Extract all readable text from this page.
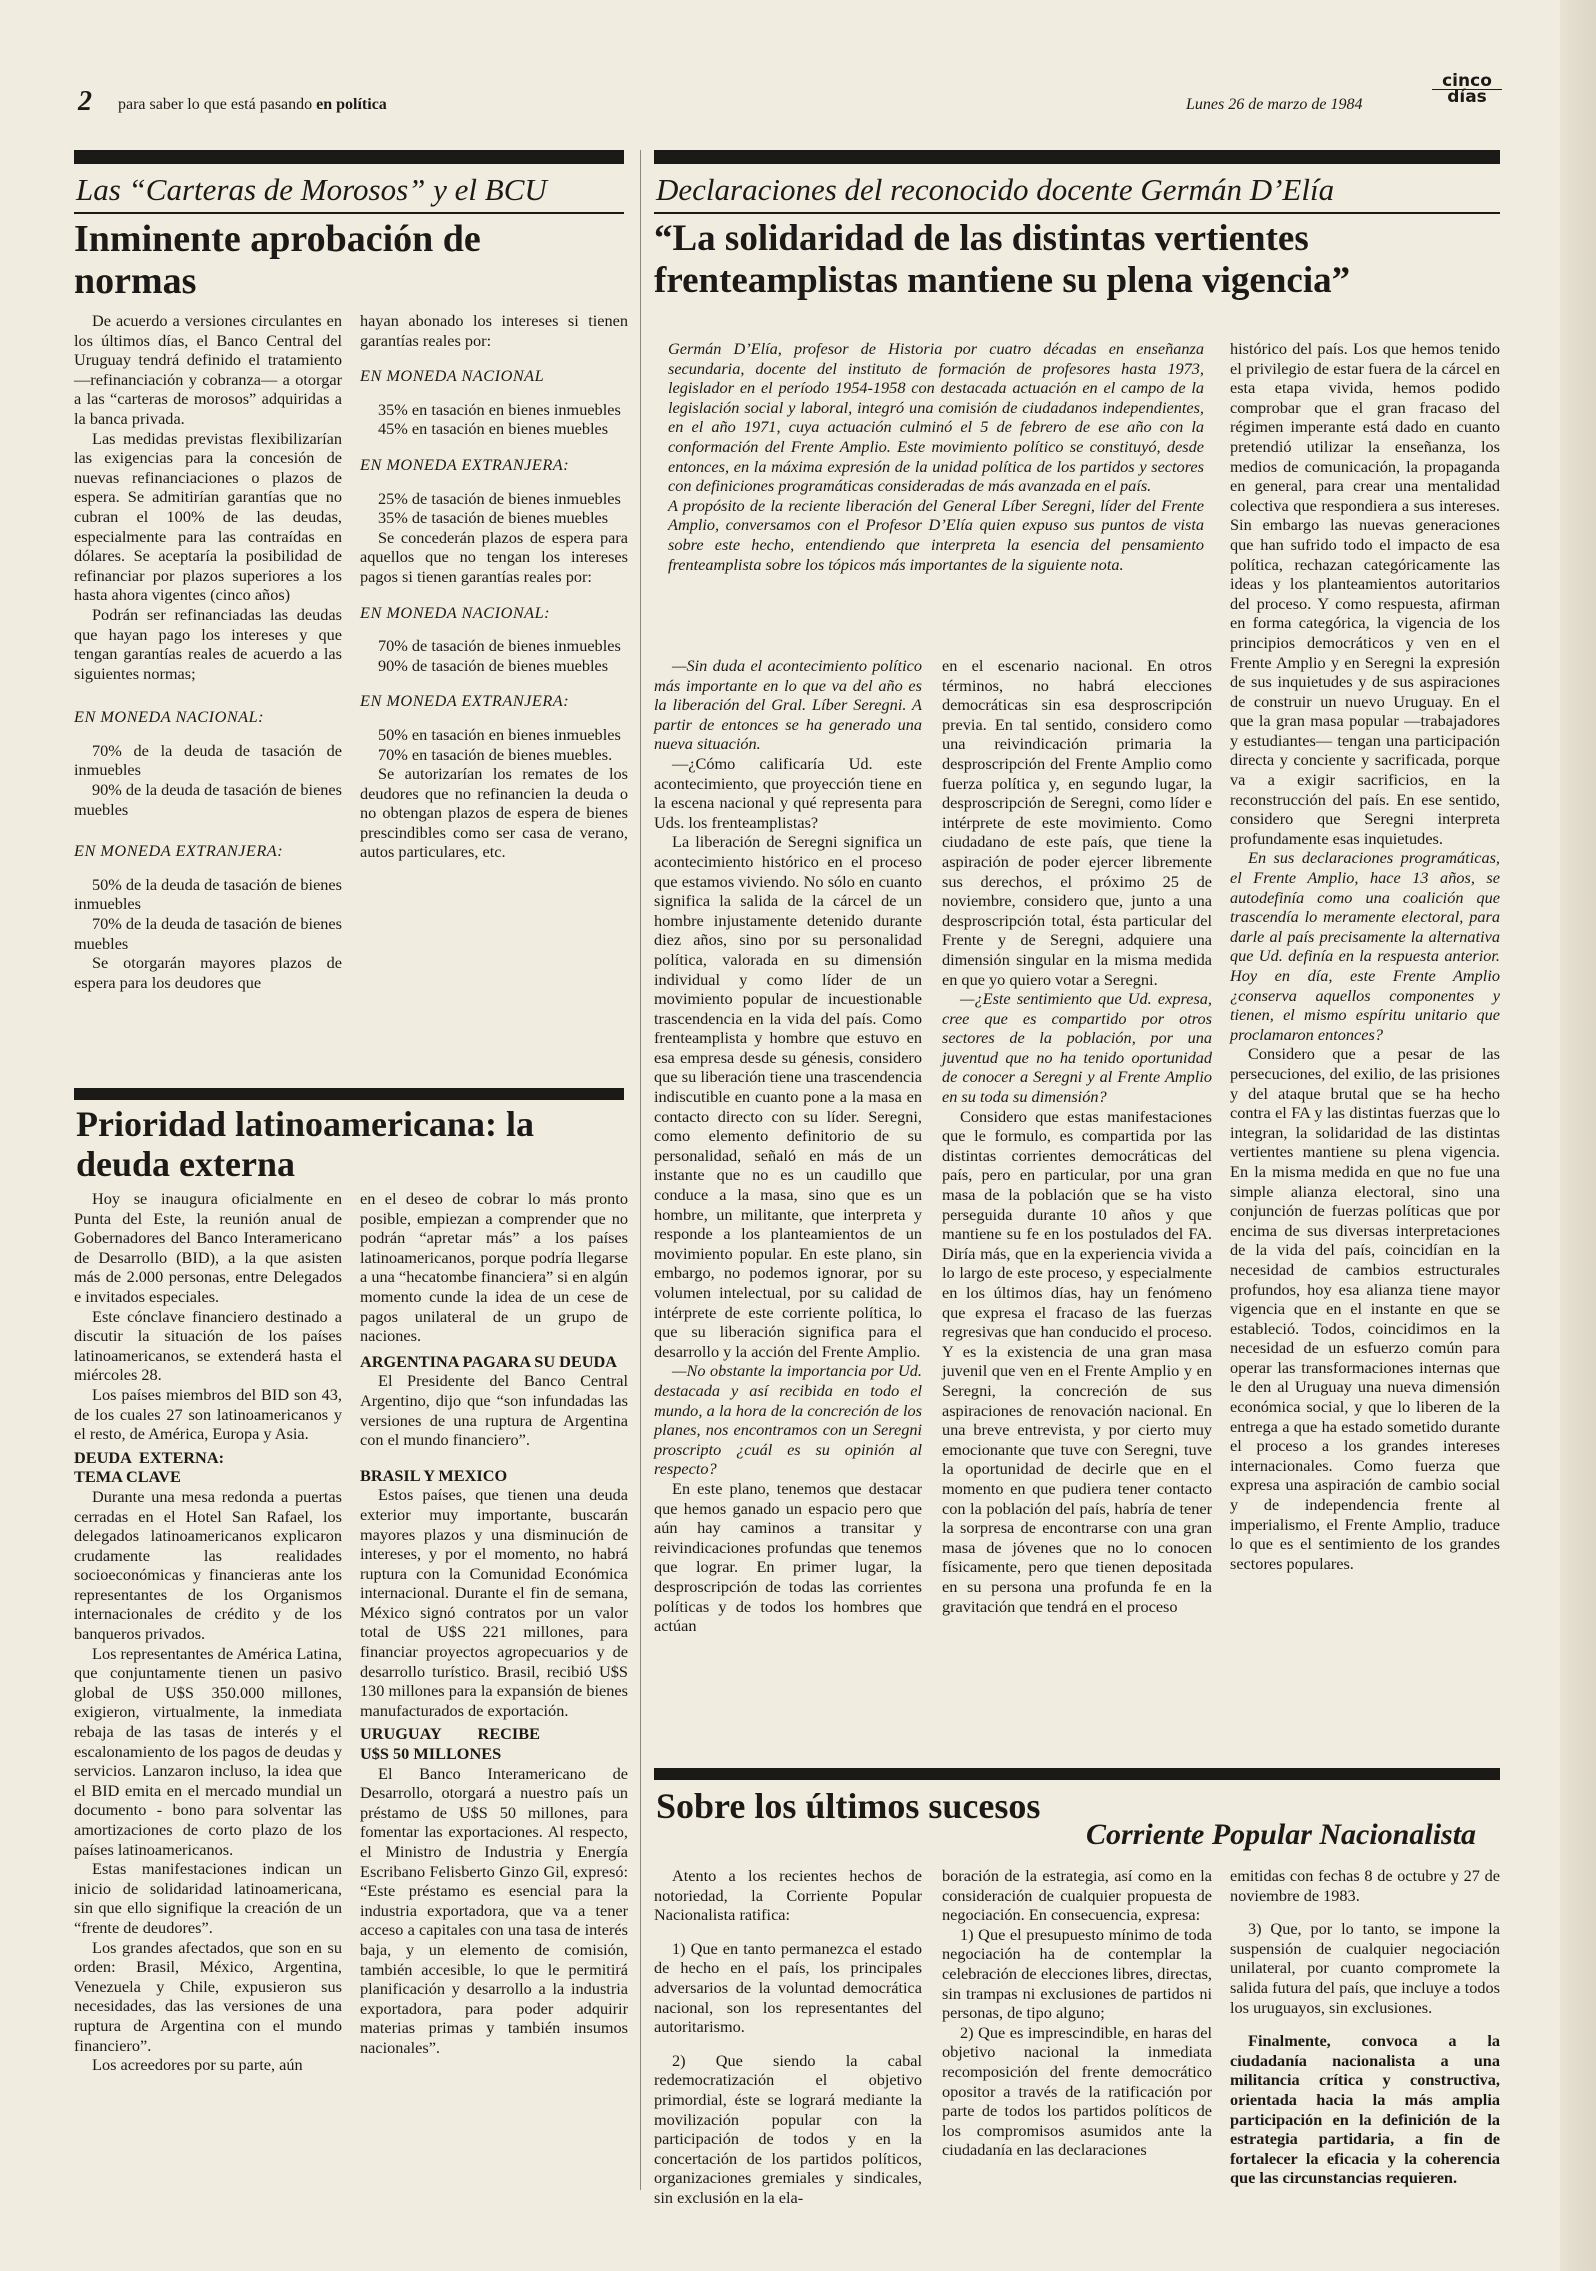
2 para saber lo que está pasando en política	Lunes 26 de marzo de 1984
cinco
días
Las “Carteras de Morosos” y el BCU
Inminente aprobación de normas

De acuerdo a versiones circulantes en los últimos días, el Banco Central del Uruguay tendrá definido el tratamiento —refinanciación y cobranza— a otorgar a las “carteras de morosos” adquiridas a la banca privada.

Las medidas previstas flexibilizarían las exigencias para la concesión de nuevas refinanciaciones o plazos de espera. Se admitirían garantías que no cubran el 100% de las deudas, especialmente para las contraídas en dólares. Se aceptaría la posibilidad de refinanciar por plazos superiores a los hasta ahora vigentes (cinco años)

Podrán ser refinanciadas las deudas que hayan pago los intereses y que tengan garantías reales de acuerdo a las siguientes normas;

EN MONEDA NACIONAL:

70% de la deuda de tasación de inmuebles

90% de la deuda de tasación de bienes muebles

EN MONEDA EXTRANJERA:

50% de la deuda de tasación de bienes inmuebles

70% de la deuda de tasación de bienes muebles

Se otorgarán mayores plazos de espera para los deudores que

hayan abonado los intereses si tienen garantías reales por:

EN MONEDA NACIONAL

35% en tasación en bienes inmuebles

45% en tasación en bienes muebles

EN MONEDA EXTRANJERA:

25% de tasación de bienes inmuebles

35% de tasación de bienes muebles

Se concederán plazos de espera para aquellos que no tengan los intereses pagos si tienen garantías reales por:

EN MONEDA NACIONAL:

70% de tasación de bienes inmuebles

90% de tasación de bienes muebles

EN MONEDA EXTRANJERA:

50% en tasación en bienes inmuebles

70% en tasación de bienes muebles.

Se autorizarían los remates de los deudores que no refinancien la deuda o no obtengan plazos de espera de bienes prescindibles como ser casa de verano, autos particulares, etc.

Prioridad latinoamericana: la deuda externa

Hoy se inaugura oficialmente en Punta del Este, la reunión anual de Gobernadores del Banco Interamericano de Desarrollo (BID), a la que asisten más de 2.000 personas, entre Delegados e invitados especiales.

Este cónclave financiero destinado a discutir la situación de los países latinoamericanos, se extenderá hasta el miércoles 28.

Los países miembros del BID son 43, de los cuales 27 son latinoamericanos y el resto, de América, Europa y Asia.

DEUDA EXTERNA: TEMA CLAVE

Durante una mesa redonda a puertas cerradas en el Hotel San Rafael, los delegados latinoamericanos explicaron crudamente las realidades socioeconómicas y financieras ante los representantes de los Organismos internacionales de crédito y de los banqueros privados.

Los representantes de América Latina, que conjuntamente tienen un pasivo global de U$S 350.000 millones, exigieron, virtualmente, la inmediata rebaja de las tasas de interés y el escalonamiento de los pagos de deudas y servicios. Lanzaron incluso, la idea que el BID emita en el mercado mundial un documento - bono para solventar las amortizaciones de corto plazo de los países latinoamericanos.

Estas manifestaciones indican un inicio de solidaridad latinoamericana, sin que ello signifique la creación de un “frente de deudores”.

Los grandes afectados, que son en su orden: Brasil, México, Argentina, Venezuela y Chile, expusieron sus necesidades, das las versiones de una ruptura de Argentina con el mundo financiero”.

Los acreedores por su parte, aún

en el deseo de cobrar lo más pronto posible, empiezan a comprender que no podrán “apretar más” a los países latinoamericanos, porque podría llegarse a una “hecatombe financiera” si en algún momento cunde la idea de un cese de pagos unilateral de un grupo de naciones.

ARGENTINA PAGARA SU DEUDA

El Presidente del Banco Central Argentino, dijo que “son infundadas las versiones de una ruptura de Argentina con el mundo financiero”.

BRASIL Y MEXICO

Estos países, que tienen una deuda exterior muy importante, buscarán mayores plazos y una disminución de intereses, y por el momento, no habrá ruptura con la Comunidad Económica internacional. Durante el fin de semana, México signó contratos por un valor total de U$S 221 millones, para financiar proyectos agropecuarios y de desarrollo turístico. Brasil, recibió U$S 130 millones para la expansión de bienes manufacturados de exportación.

URUGUAY RECIBE U$S 50 MILLONES

El Banco Interamericano de Desarrollo, otorgará a nuestro país un préstamo de U$S 50 millones, para fomentar las exportaciones. Al respecto, el Ministro de Industria y Energía Escribano Felisberto Ginzo Gil, expresó: “Este préstamo es esencial para la industria exportadora, que va a tener acceso a capitales con una tasa de interés baja, y un elemento de comisión, también accesible, lo que le permitirá planificación y desarrollo a la industria exportadora, para poder adquirir materias primas y también insumos nacionales”.

Declaraciones del reconocido docente Germán D’Elía
“La solidaridad de las distintas vertientes frenteamplistas mantiene su plena vigencia”

Germán D’Elía, profesor de Historia por cuatro décadas en enseñanza secundaria, docente del instituto de formación de profesores hasta 1973, legislador en el período 1954-1958 con destacada actuación en el campo de la legislación social y laboral, integró una comisión de ciudadanos independientes, en el año 1971, cuya actuación culminó el 5 de febrero de ese año con la conformación del Frente Amplio. Este movimiento político se constituyó, desde entonces, en la máxima expresión de la unidad política de los partidos y sectores con definiciones programáticas consideradas de más avanzada en el país.

A propósito de la reciente liberación del General Líber Seregni, líder del Frente Amplio, conversamos con el Profesor D’Elía quien expuso sus puntos de vista sobre este hecho, entendiendo que interpreta la esencia del pensamiento frenteamplista sobre los tópicos más importantes de la siguiente nota.

—Sin duda el acontecimiento político más importante en lo que va del año es la liberación del Gral. Líber Seregni. A partir de entonces se ha generado una nueva situación.

—¿Cómo calificaría Ud. este acontecimiento, que proyección tiene en la escena nacional y qué representa para Uds. los frenteamplistas?

La liberación de Seregni significa un acontecimiento histórico en el proceso que estamos viviendo. No sólo en cuanto significa la salida de la cárcel de un hombre injustamente detenido durante diez años, sino por su personalidad política, valorada en su dimensión individual y como líder de un movimiento popular de incuestionable trascendencia en la vida del país. Como frenteamplista y hombre que estuvo en esa empresa desde su génesis, considero que su liberación tiene una trascendencia indiscutible en cuanto pone a la masa en contacto directo con su líder. Seregni, como elemento definitorio de su personalidad, señaló en más de un instante que no es un caudillo que conduce a la masa, sino que es un hombre, un militante, que interpreta y responde a los planteamientos de un movimiento popular. En este plano, sin embargo, no podemos ignorar, por su volumen intelectual, por su calidad de intérprete de este corriente política, lo que su liberación significa para el desarrollo y la acción del Frente Amplio.

—No obstante la importancia por Ud. destacada y así recibida en todo el mundo, a la hora de la concreción de los planes, nos encontramos con un Seregni proscripto ¿cuál es su opinión al respecto?

En este plano, tenemos que destacar que hemos ganado un espacio pero que aún hay caminos a transitar y reivindicaciones profundas que tenemos que lograr. En primer lugar, la desproscripción de todas las corrientes políticas y de todos los hombres que actúan

en el escenario nacional. En otros términos, no habrá elecciones democráticas sin esa desproscripción previa. En tal sentido, considero como una reivindicación primaria la desproscripción del Frente Amplio como fuerza política y, en segundo lugar, la desproscripción de Seregni, como líder e intérprete de este movimiento. Como ciudadano de este país, que tiene la aspiración de poder ejercer libremente sus derechos, el próximo 25 de noviembre, considero que, junto a una desproscripción total, ésta particular del Frente y de Seregni, adquiere una dimensión singular en la misma medida en que yo quiero votar a Seregni.

—¿Este sentimiento que Ud. expresa, cree que es compartido por otros sectores de la población, por una juventud que no ha tenido oportunidad de conocer a Seregni y al Frente Amplio en su toda su dimensión?

Considero que estas manifestaciones que le formulo, es compartida por las distintas corrientes democráticas del país, pero en particular, por una gran masa de la población que se ha visto perseguida durante 10 años y que mantiene su fe en los postulados del FA. Diría más, que en la experiencia vivida a lo largo de este proceso, y especialmente en los últimos días, hay un fenómeno que expresa el fracaso de las fuerzas regresivas que han conducido el proceso. Y es la existencia de una gran masa juvenil que ven en el Frente Amplio y en Seregni, la concreción de sus aspiraciones de renovación nacional. En una breve entrevista, y por cierto muy emocionante que tuve con Seregni, tuve la oportunidad de decirle que en el momento en que pudiera tener contacto con la población del país, habría de tener la sorpresa de encontrarse con una gran masa de jóvenes que no lo conocen físicamente, pero que tienen depositada en su persona una profunda fe en la gravitación que tendrá en el proceso

histórico del país. Los que hemos tenido el privilegio de estar fuera de la cárcel en esta etapa vivida, hemos podido comprobar que el gran fracaso del régimen imperante está dado en cuanto pretendió utilizar la enseñanza, los medios de comunicación, la propaganda en general, para crear una mentalidad colectiva que respondiera a sus intereses. Sin embargo las nuevas generaciones que han sufrido todo el impacto de esa política, rechazan categóricamente las ideas y los planteamientos autoritarios del proceso. Y como respuesta, afirman en forma categórica, la vigencia de los principios democráticos y ven en el Frente Amplio y en Seregni la expresión de sus inquietudes y de sus aspiraciones de construir un nuevo Uruguay. En el que la gran masa popular —trabajadores y estudiantes— tengan una participación directa y conciente y sacrificada, porque va a exigir sacrificios, en la reconstrucción del país. En ese sentido, considero que Seregni interpreta profundamente esas inquietudes.

En sus declaraciones programáticas, el Frente Amplio, hace 13 años, se autodefinía como una coalición que trascendía lo meramente electoral, para darle al país precisamente la alternativa que Ud. definía en la respuesta anterior. Hoy en día, este Frente Amplio ¿conserva aquellos componentes y tienen, el mismo espíritu unitario que proclamaron entonces?

Considero que a pesar de las persecuciones, del exilio, de las prisiones y del ataque brutal que se ha hecho contra el FA y las distintas fuerzas que lo integran, la solidaridad de las distintas vertientes mantiene su plena vigencia. En la misma medida en que no fue una simple alianza electoral, sino una conjunción de fuerzas políticas que por encima de sus diversas interpretaciones de la vida del país, coincidían en la necesidad de cambios estructurales profundos, hoy esa alianza tiene mayor vigencia que en el instante en que se estableció. Todos, coincidimos en la necesidad de un esfuerzo común para operar las transformaciones internas que le den al Uruguay una nueva dimensión económica social, y que lo liberen de la entrega a que ha estado sometido durante el proceso a los grandes intereses internacionales. Como fuerza que expresa una aspiración de cambio social y de independencia frente al imperialismo, el Frente Amplio, traduce lo que es el sentimiento de los grandes sectores populares.

Sobre los últimos sucesos
Corriente Popular Nacionalista

Atento a los recientes hechos de notoriedad, la Corriente Popular Nacionalista ratifica:

1) Que en tanto permanezca el estado de hecho en el país, los principales adversarios de la voluntad democrática nacional, son los representantes del autoritarismo.

2) Que siendo la cabal redemocratización el objetivo primordial, éste se logrará mediante la movilización popular con la participación de todos y en la concertación de los partidos políticos, organizaciones gremiales y sindicales, sin exclusión en la ela-

boración de la estrategia, así como en la consideración de cualquier propuesta de negociación. En consecuencia, expresa:

1) Que el presupuesto mínimo de toda negociación ha de contemplar la celebración de elecciones libres, directas, sin trampas ni exclusiones de partidos ni personas, de tipo alguno;

2) Que es imprescindible, en haras del objetivo nacional la inmediata recomposición del frente democrático opositor a través de la ratificación por parte de todos los partidos políticos de los compromisos asumidos ante la ciudadanía en las declaraciones

emitidas con fechas 8 de octubre y 27 de noviembre de 1983.

3) Que, por lo tanto, se impone la suspensión de cualquier negociación unilateral, por cuanto compromete la salida futura del país, que incluye a todos los uruguayos, sin exclusiones.

Finalmente, convoca a la ciudadanía nacionalista a una militancia crítica y constructiva, orientada hacia la más amplia participación en la definición de la estrategia partidaria, a fin de fortalecer la eficacia y la coherencia que las circunstancias requieren.
